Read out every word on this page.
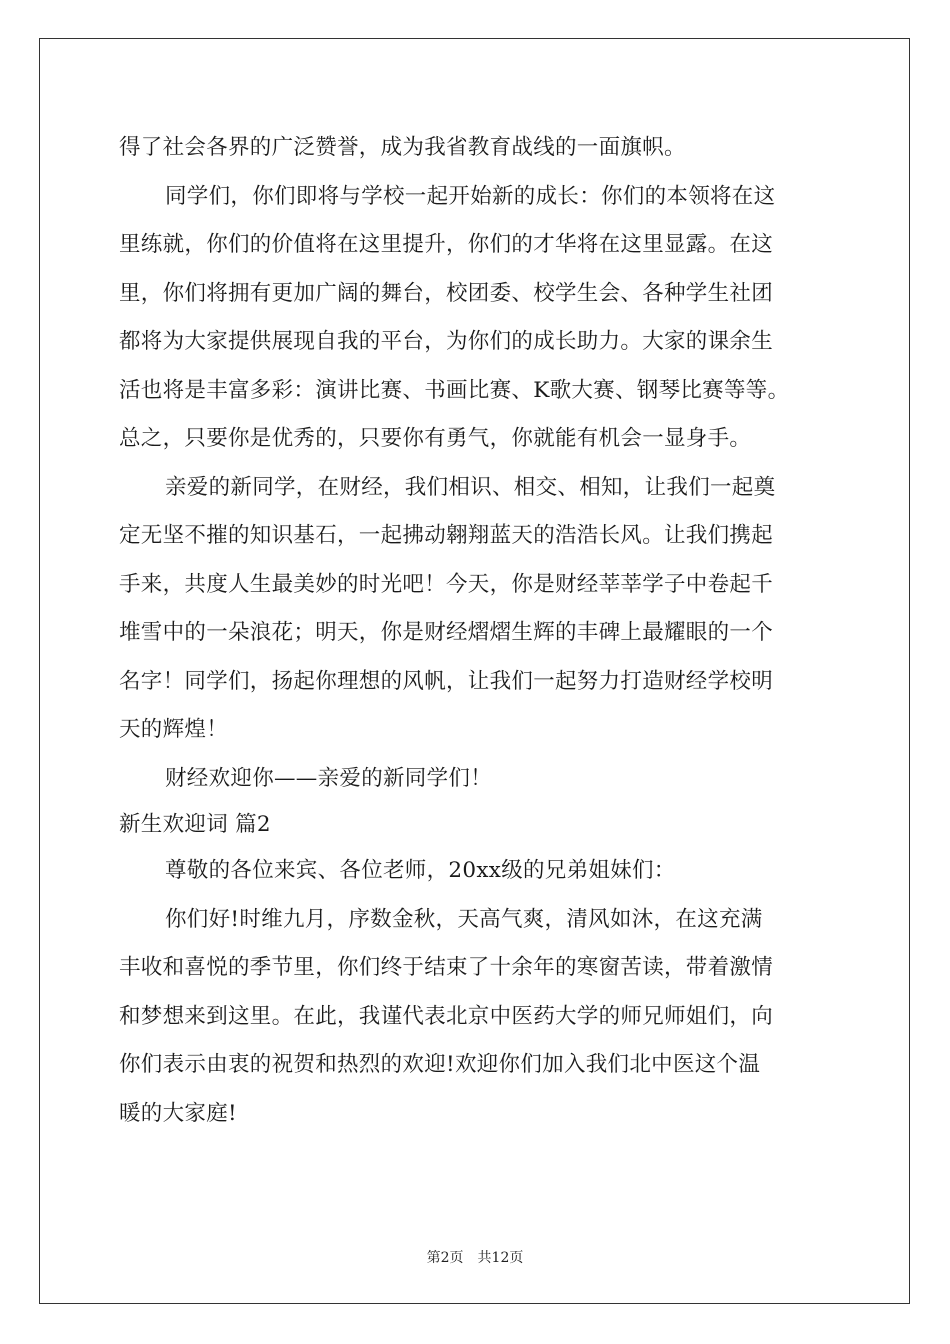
得了社会各界的广泛赞誉，成为我省教育战线的一面旗帜。
同学们，你们即将与学校一起开始新的成长：你们的本领将在这
里练就，你们的价值将在这里提升，你们的才华将在这里显露。在这
里，你们将拥有更加广阔的舞台，校团委、校学生会、各种学生社团
都将为大家提供展现自我的平台，为你们的成长助力。大家的课余生
活也将是丰富多彩：演讲比赛、书画比赛、K歌大赛、钢琴比赛等等。
总之，只要你是优秀的，只要你有勇气，你就能有机会一显身手。
亲爱的新同学，在财经，我们相识、相交、相知，让我们一起奠
定无坚不摧的知识基石，一起拂动翱翔蓝天的浩浩长风。让我们携起
手来，共度人生最美妙的时光吧！今天，你是财经莘莘学子中卷起千
堆雪中的一朵浪花；明天，你是财经熠熠生辉的丰碑上最耀眼的一个
名字！同学们，扬起你理想的风帆，让我们一起努力打造财经学校明
天的辉煌！
财经欢迎你——亲爱的新同学们！
新生欢迎词 篇2
尊敬的各位来宾、各位老师，20xx级的兄弟姐妹们：
你们好!时维九月，序数金秋，天高气爽，清风如沐，在这充满
丰收和喜悦的季节里，你们终于结束了十余年的寒窗苦读，带着激情
和梦想来到这里。在此，我谨代表北京中医药大学的师兄师姐们，向
你们表示由衷的祝贺和热烈的欢迎!欢迎你们加入我们北中医这个温
暖的大家庭!
第2页 共12页
